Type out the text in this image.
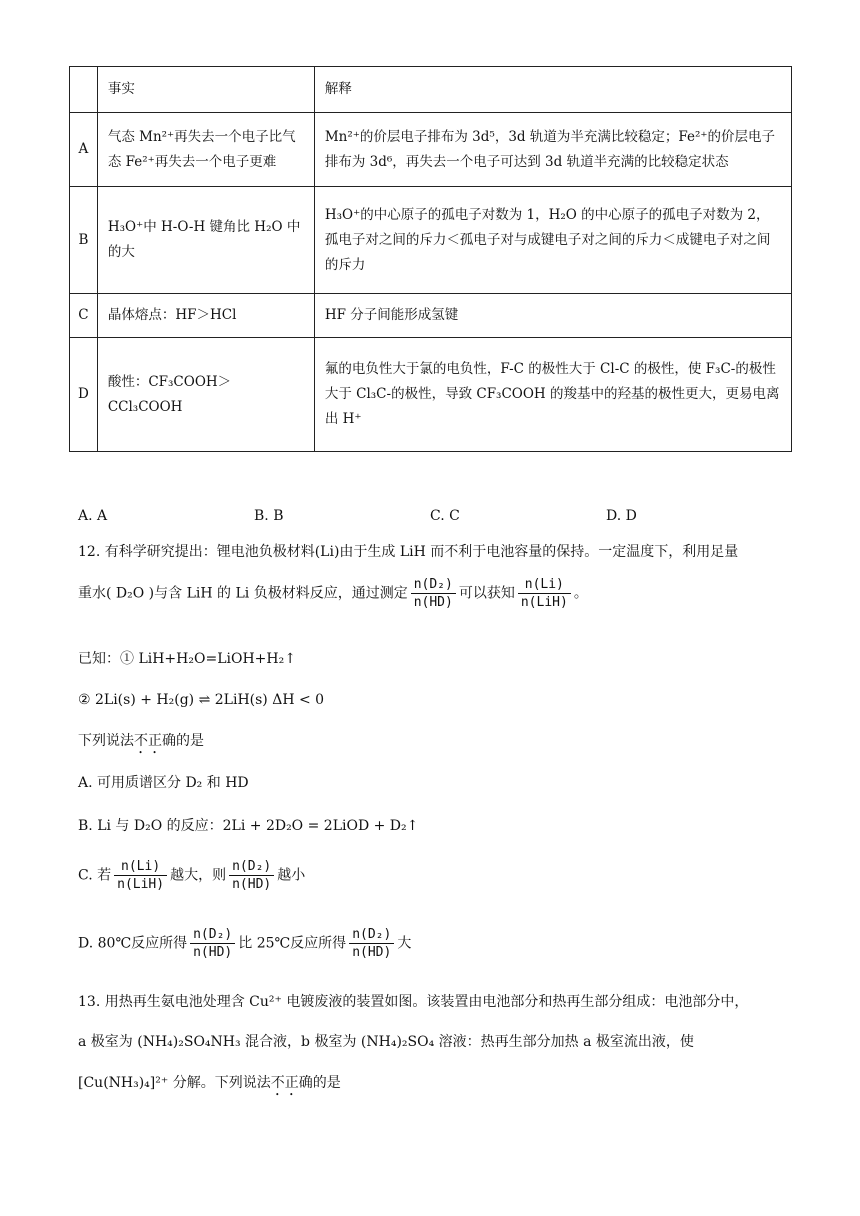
	事实	解释
A	气态 Mn²⁺再失去一个电子比气态 Fe²⁺再失去一个电子更难	Mn²⁺的价层电子排布为 3d⁵，3d 轨道为半充满比较稳定；Fe²⁺的价层电子排布为 3d⁶，再失去一个电子可达到 3d 轨道半充满的比较稳定状态
B	H₃O⁺中 H-O-H 键角比 H₂O 中的大	H₃O⁺的中心原子的孤电子对数为 1，H₂O 的中心原子的孤电子对数为 2，孤电子对之间的斥力＜孤电子对与成键电子对之间的斥力＜成键电子对之间的斥力
C	晶体熔点：HF＞HCl	HF 分子间能形成氢键
D	酸性：CF₃COOH＞CCl₃COOH	氟的电负性大于氯的电负性，F-C 的极性大于 Cl-C 的极性，使 F₃C-的极性大于 Cl₃C-的极性，导致 CF₃COOH 的羧基中的羟基的极性更大，更易电离出 H⁺
A. A	B. B	C. C	D. D
12. 有科学研究提出：锂电池负极材料(Li)由于生成 LiH 而不利于电池容量的保持。一定温度下，利用足量
重水( D₂O )与含 LiH 的 Li 负极材料反应，通过测定 $\frac{\text{n(D₂)}}{n(HD)}$ 可以获知 $\frac{n(Li)}{\text{n(LiH)}}$ 。
已知：① LiH+H₂O=LiOH+H₂↑
② 2Li(s) + H₂(g) ⇌ 2LiH(s) ΔH < 0
下列说法不正确的是
A. 可用质谱区分 D₂ 和 HD
B. Li 与 D₂O 的反应：2Li + 2D₂O = 2LiOD + D₂↑
C. 若 $\frac{n(Li)}{\text{n(LiH)}}$ 越大，则 $\frac{\text{n(D₂)}}{n(HD)}$ 越小
D. 80℃反应所得 $\frac{\text{n(D₂)}}{n(HD)}$ 比 25℃反应所得 $\frac{\text{n(D₂)}}{n(HD)}$ 大
13. 用热再生氨电池处理含 Cu²⁺ 电镀废液的装置如图。该装置由电池部分和热再生部分组成：电池部分中，
a 极室为 (NH₄)₂SO₄NH₃ 混合液，b 极室为 (NH₄)₂SO₄ 溶液：热再生部分加热 a 极室流出液，使
[Cu(NH₃)₄]²⁺ 分解。下列说法不正确的是
